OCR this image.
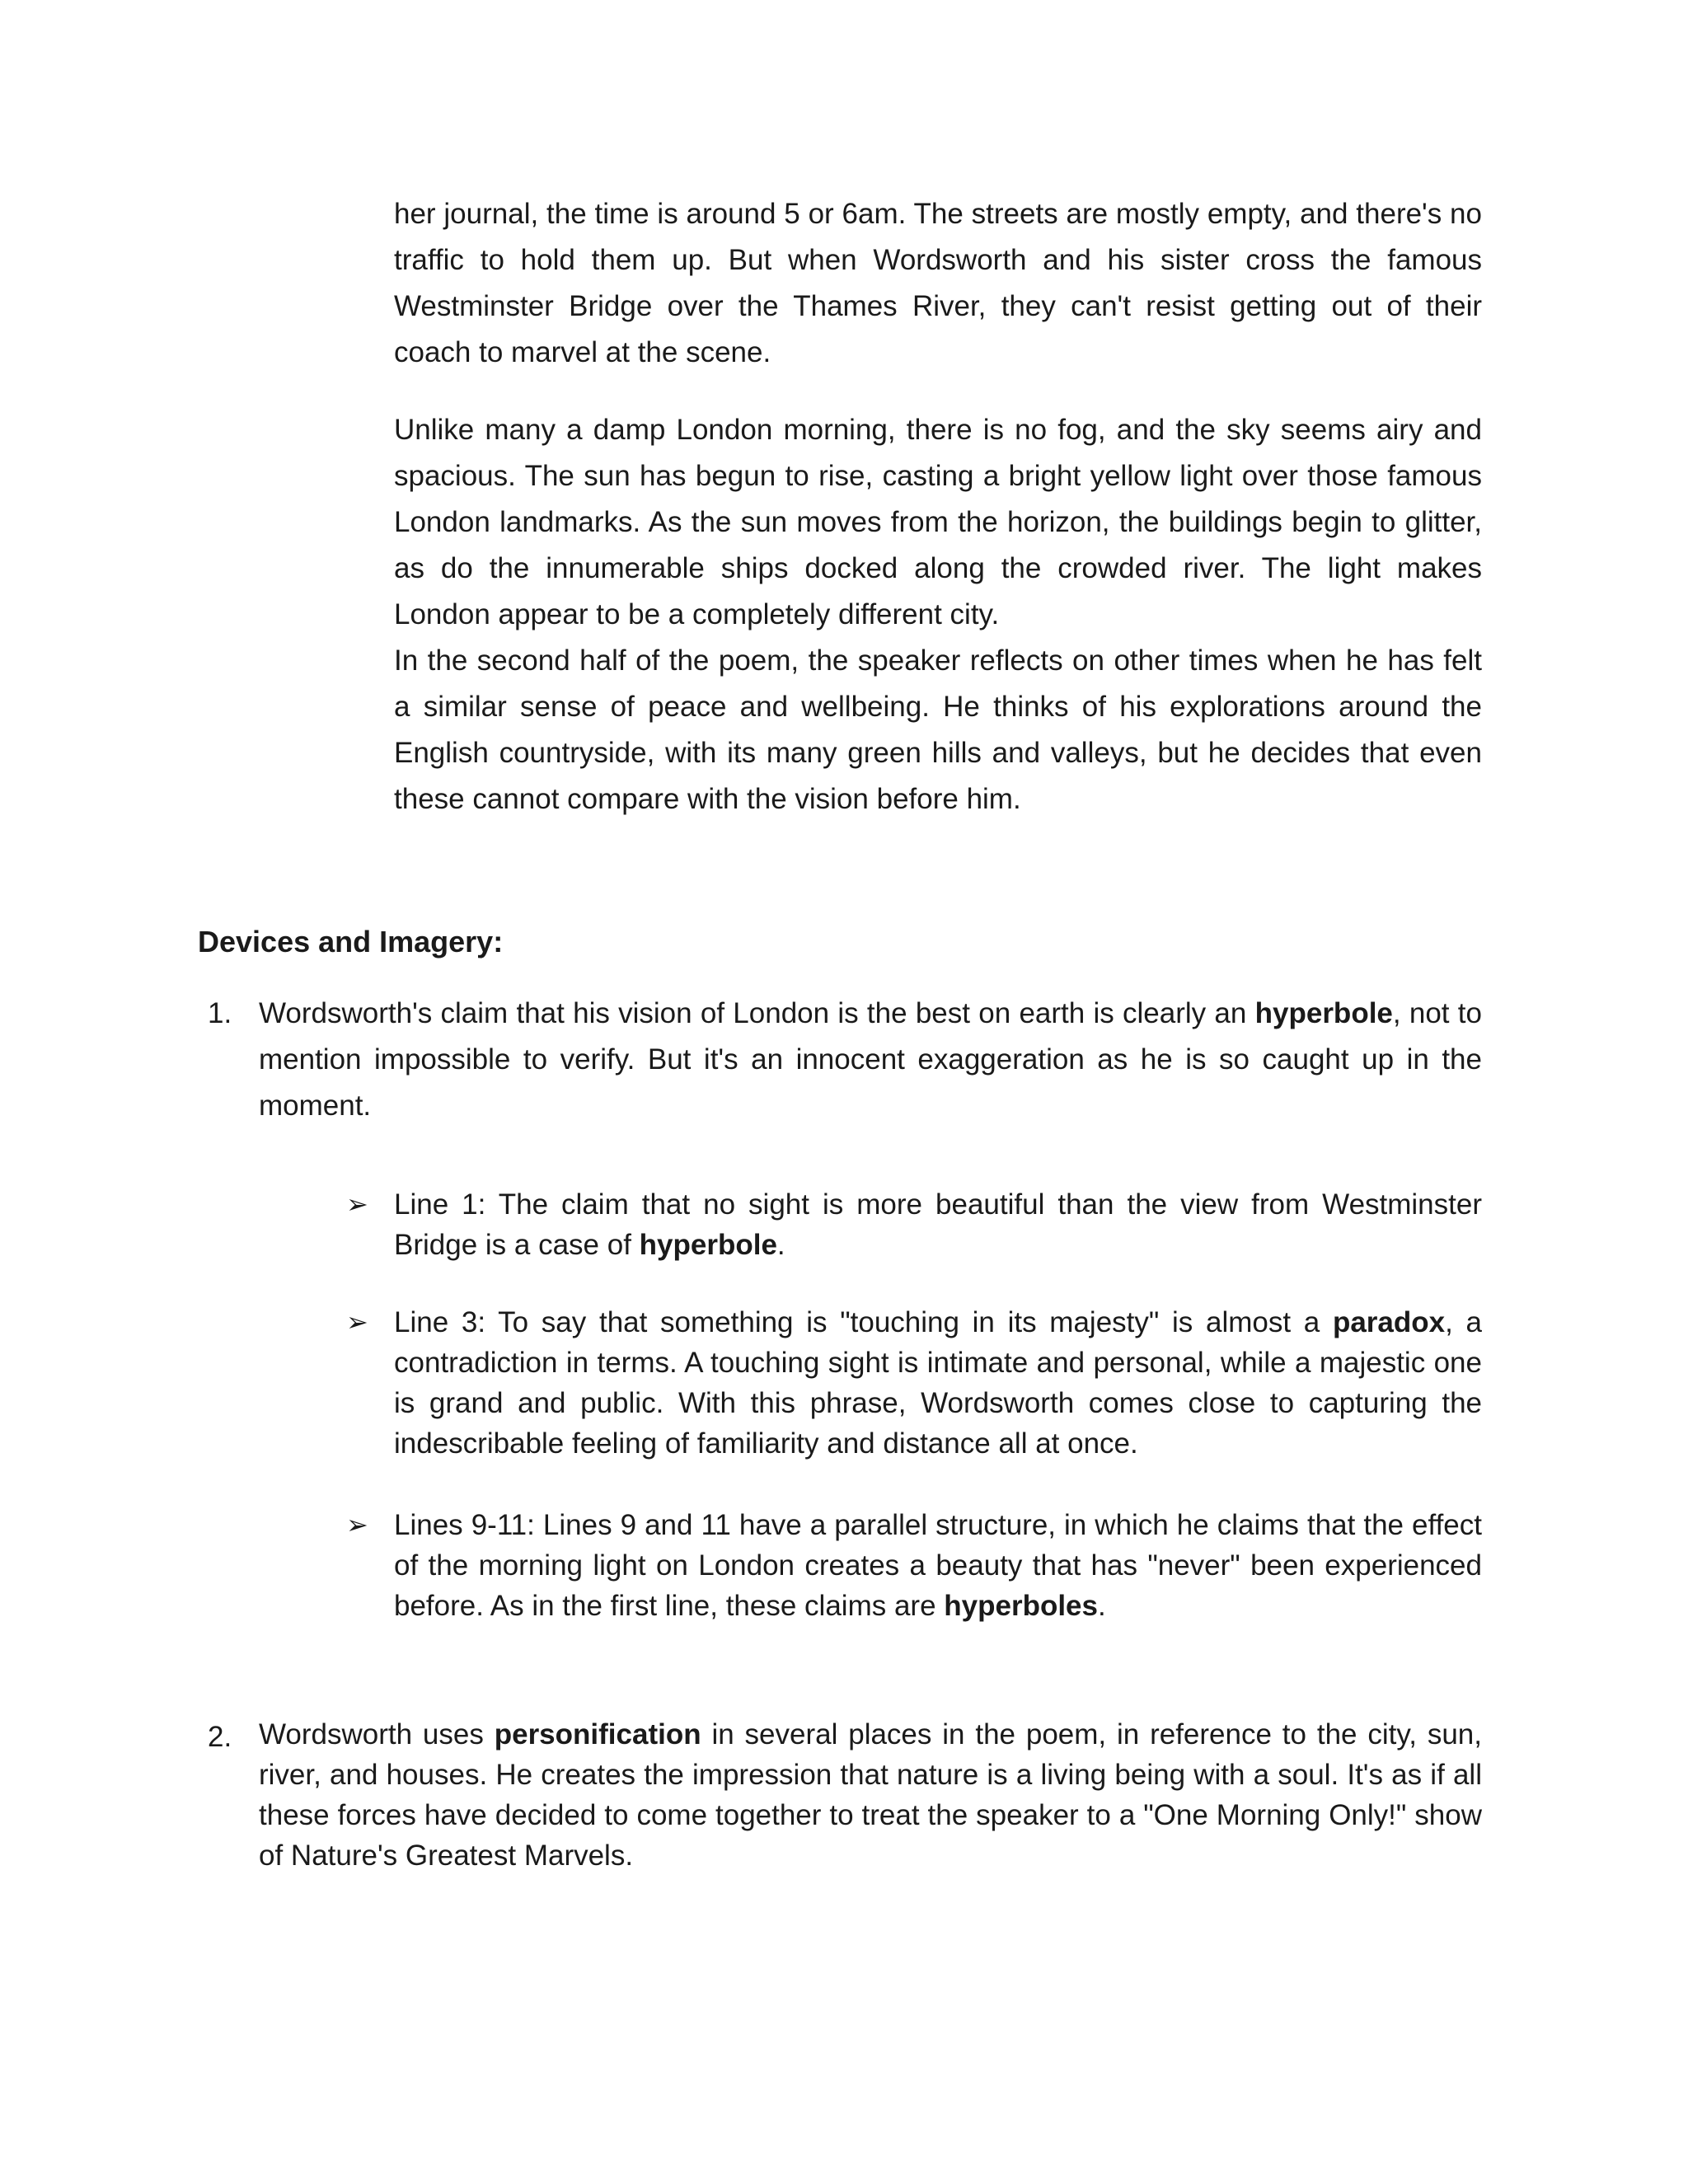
her journal, the time is around 5 or 6am. The streets are mostly empty, and there's no traffic to hold them up. But when Wordsworth and his sister cross the famous Westminster Bridge over the Thames River, they can't resist getting out of their coach to marvel at the scene.

Unlike many a damp London morning, there is no fog, and the sky seems airy and spacious. The sun has begun to rise, casting a bright yellow light over those famous London landmarks. As the sun moves from the horizon, the buildings begin to glitter, as do the innumerable ships docked along the crowded river. The light makes London appear to be a completely different city.

In the second half of the poem, the speaker reflects on other times when he has felt a similar sense of peace and wellbeing. He thinks of his explorations around the English countryside, with its many green hills and valleys, but he decides that even these cannot compare with the vision before him.

Devices and Imagery:
1. Wordsworth's claim that his vision of London is the best on earth is clearly an hyperbole, not to mention impossible to verify. But it's an innocent exaggeration as he is so caught up in the moment.
➢ Line 1: The claim that no sight is more beautiful than the view from Westminster Bridge is a case of hyperbole.
➢ Line 3: To say that something is "touching in its majesty" is almost a paradox, a contradiction in terms. A touching sight is intimate and personal, while a majestic one is grand and public. With this phrase, Wordsworth comes close to capturing the indescribable feeling of familiarity and distance all at once.
➢ Lines 9-11: Lines 9 and 11 have a parallel structure, in which he claims that the effect of the morning light on London creates a beauty that has "never" been experienced before. As in the first line, these claims are hyperboles.
2. Wordsworth uses personification in several places in the poem, in reference to the city, sun, river, and houses. He creates the impression that nature is a living being with a soul. It's as if all these forces have decided to come together to treat the speaker to a "One Morning Only!" show of Nature's Greatest Marvels.
